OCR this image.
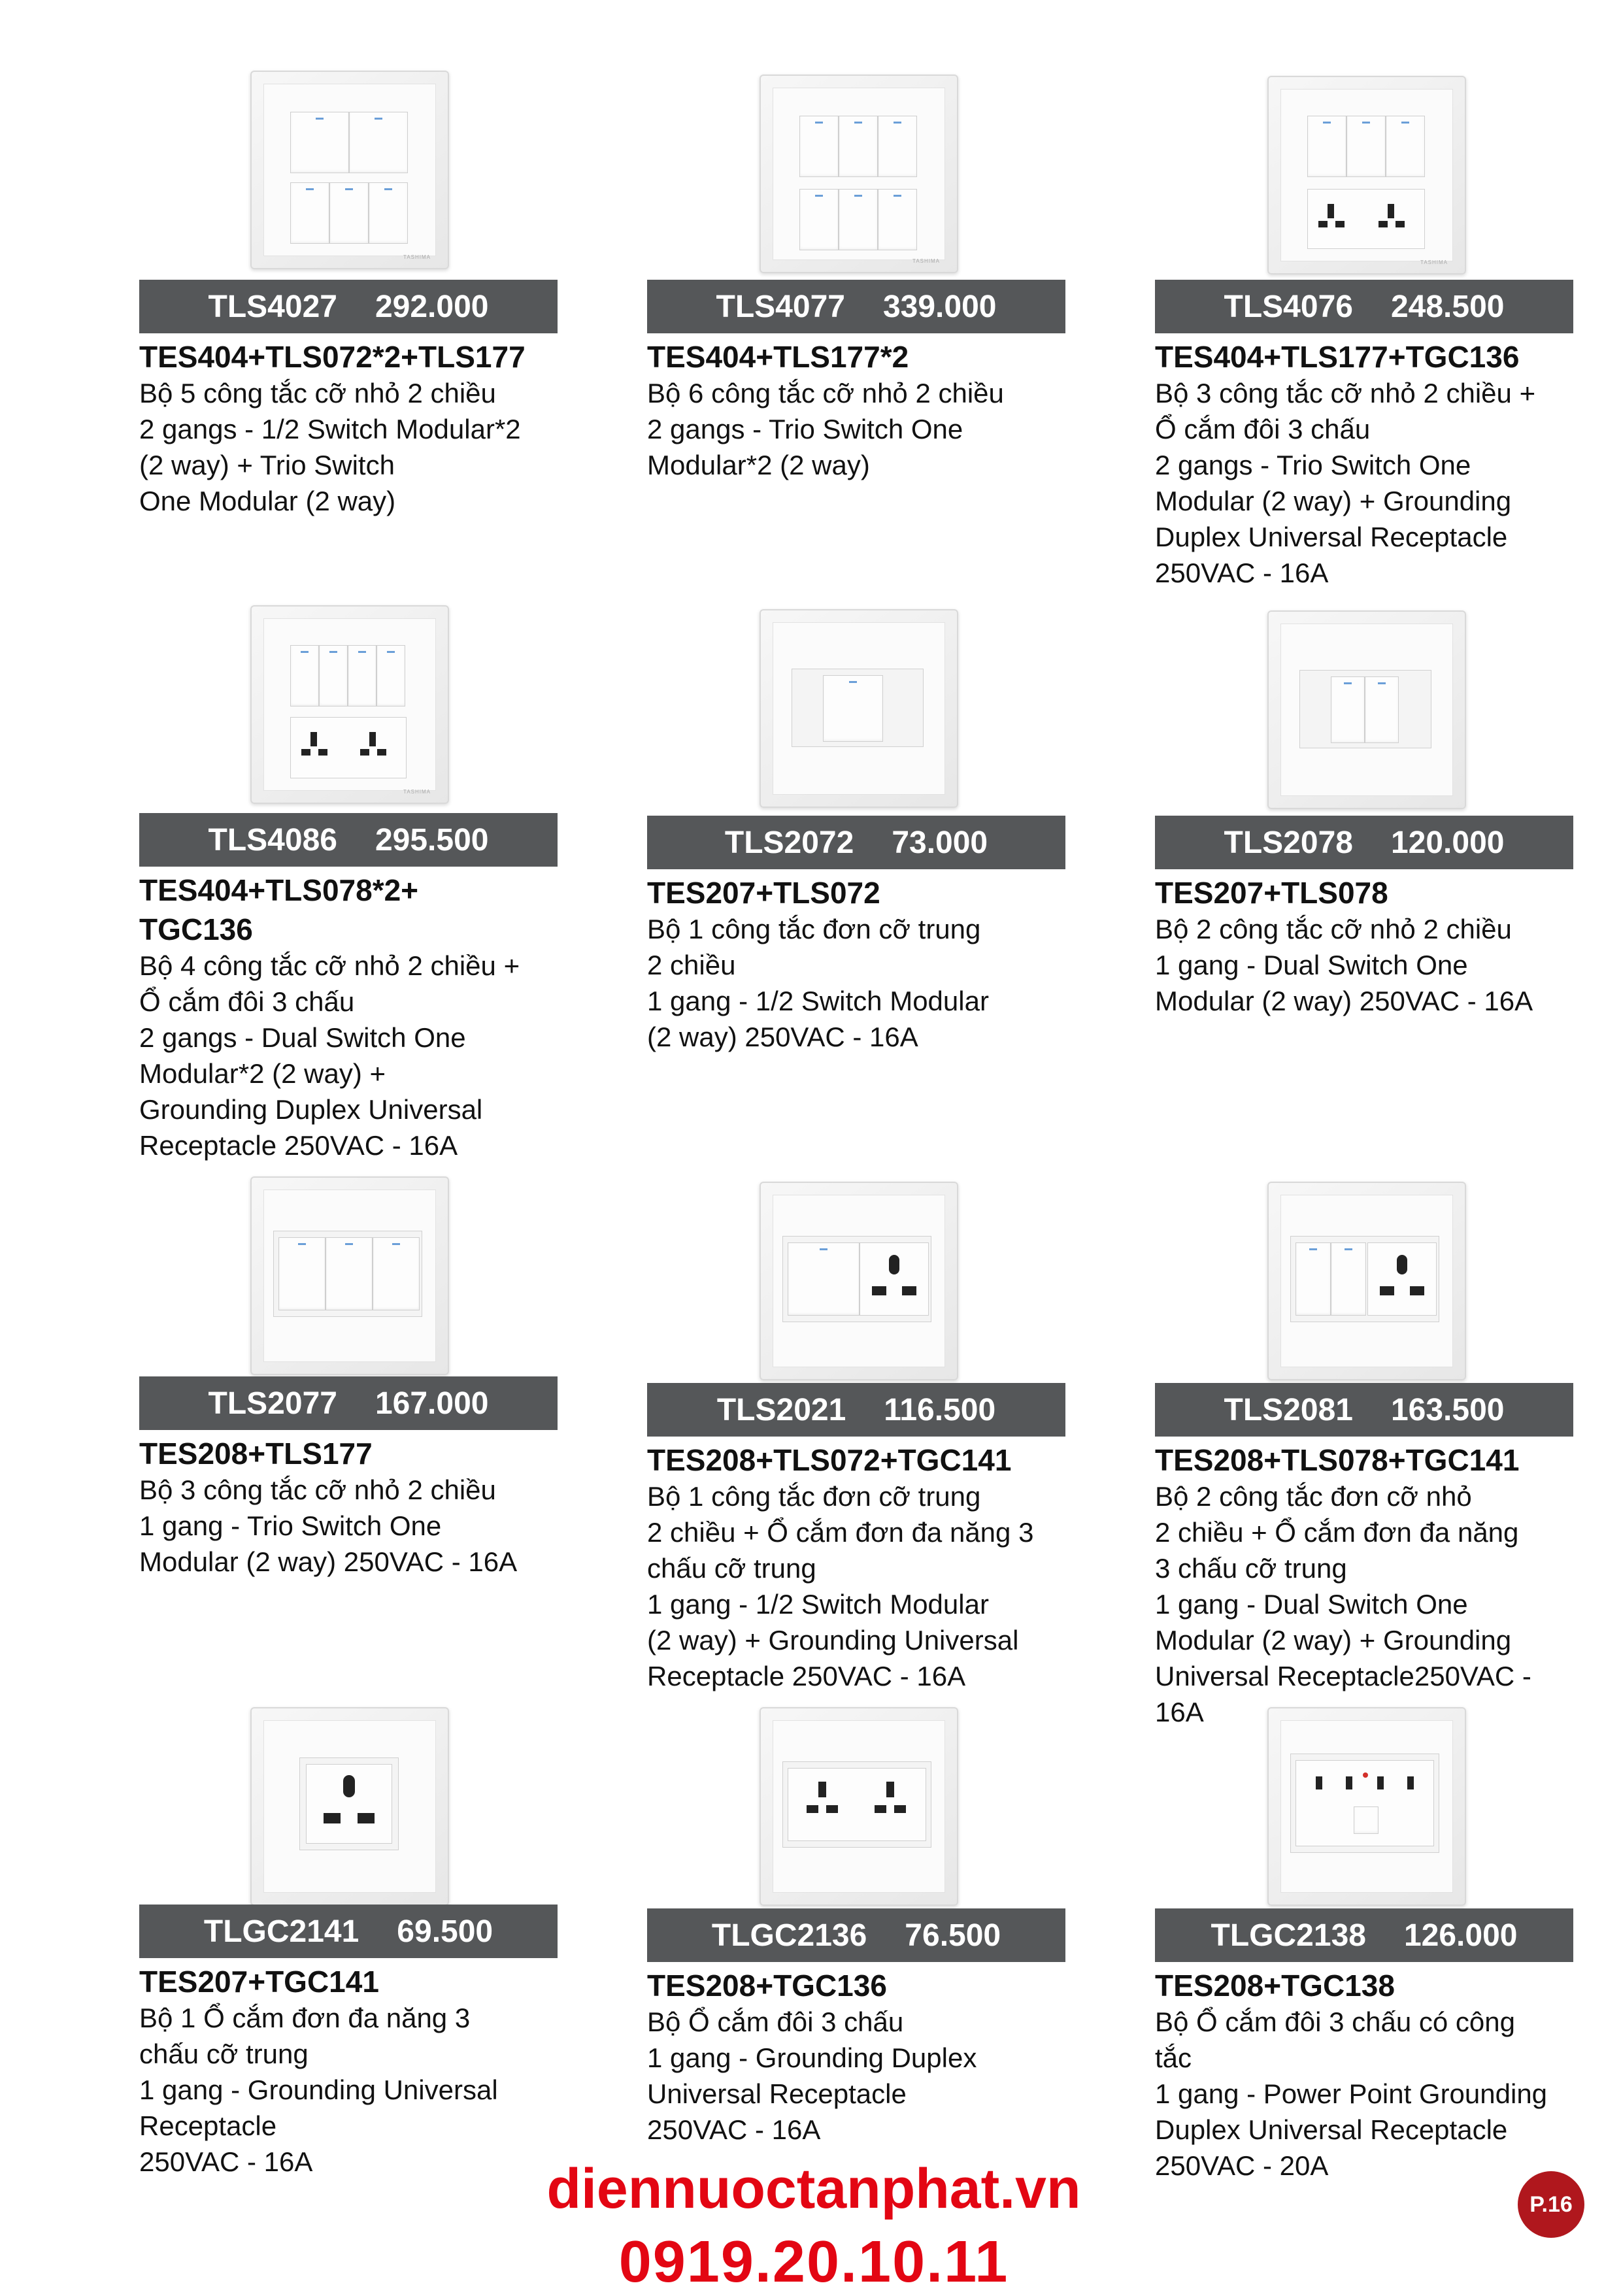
TASHIMA
TLS4027 292.000
TES404+TLS072*2+TLS177
Bộ 5 công tắc cỡ nhỏ 2 chiều
2 gangs - 1/2 Switch Modular*2
(2 way) + Trio Switch
One Modular (2 way)
TASHIMA
TLS4077 339.000
TES404+TLS177*2
Bộ 6 công tắc cỡ nhỏ 2 chiều
2 gangs - Trio Switch One
Modular*2 (2 way)
TASHIMA
TLS4076 248.500
TES404+TLS177+TGC136
Bộ 3 công tắc cỡ nhỏ 2 chiều +
Ổ cắm đôi 3 chấu
2 gangs - Trio Switch One
Modular (2 way) + Grounding
Duplex Universal Receptacle
250VAC - 16A
TASHIMA
TLS4086 295.500
TES404+TLS078*2+
TGC136
Bộ 4 công tắc cỡ nhỏ 2 chiều +
Ổ cắm đôi 3 chấu
2 gangs - Dual Switch One
Modular*2 (2 way) +
Grounding Duplex Universal
Receptacle 250VAC - 16A
TLS2072 73.000
TES207+TLS072
Bộ 1 công tắc đơn cỡ trung
2 chiều
1 gang - 1/2 Switch Modular
(2 way) 250VAC - 16A
TLS2078 120.000
TES207+TLS078
Bộ 2 công tắc cỡ nhỏ 2 chiều
1 gang - Dual Switch One
Modular (2 way) 250VAC - 16A
TLS2077 167.000
TES208+TLS177
Bộ 3 công tắc cỡ nhỏ 2 chiều
1 gang - Trio Switch One
Modular (2 way) 250VAC - 16A
TLS2021 116.500
TES208+TLS072+TGC141
Bộ 1 công tắc đơn cỡ trung
2 chiều + Ổ cắm đơn đa năng 3
chấu cỡ trung
1 gang - 1/2 Switch Modular
(2 way) + Grounding Universal
Receptacle 250VAC - 16A
TLS2081 163.500
TES208+TLS078+TGC141
Bộ 2 công tắc đơn cỡ nhỏ
2 chiều + Ổ cắm đơn đa năng
3 chấu cỡ trung
1 gang - Dual Switch One
Modular (2 way) + Grounding
Universal Receptacle250VAC -
16A
TLGC2141 69.500
TES207+TGC141
Bộ 1 Ổ cắm đơn đa năng 3
chấu cỡ trung
1 gang - Grounding Universal
Receptacle
250VAC - 16A
TLGC2136 76.500
TES208+TGC136
Bộ Ổ cắm đôi 3 chấu
1 gang - Grounding Duplex
Universal Receptacle
250VAC - 16A
TLGC2138 126.000
TES208+TGC138
Bộ Ổ cắm đôi 3 chấu có công
tắc
1 gang - Power Point Grounding
Duplex Universal Receptacle
250VAC - 20A
diennuoctanphat.vn
0919.20.10.11
P.16
